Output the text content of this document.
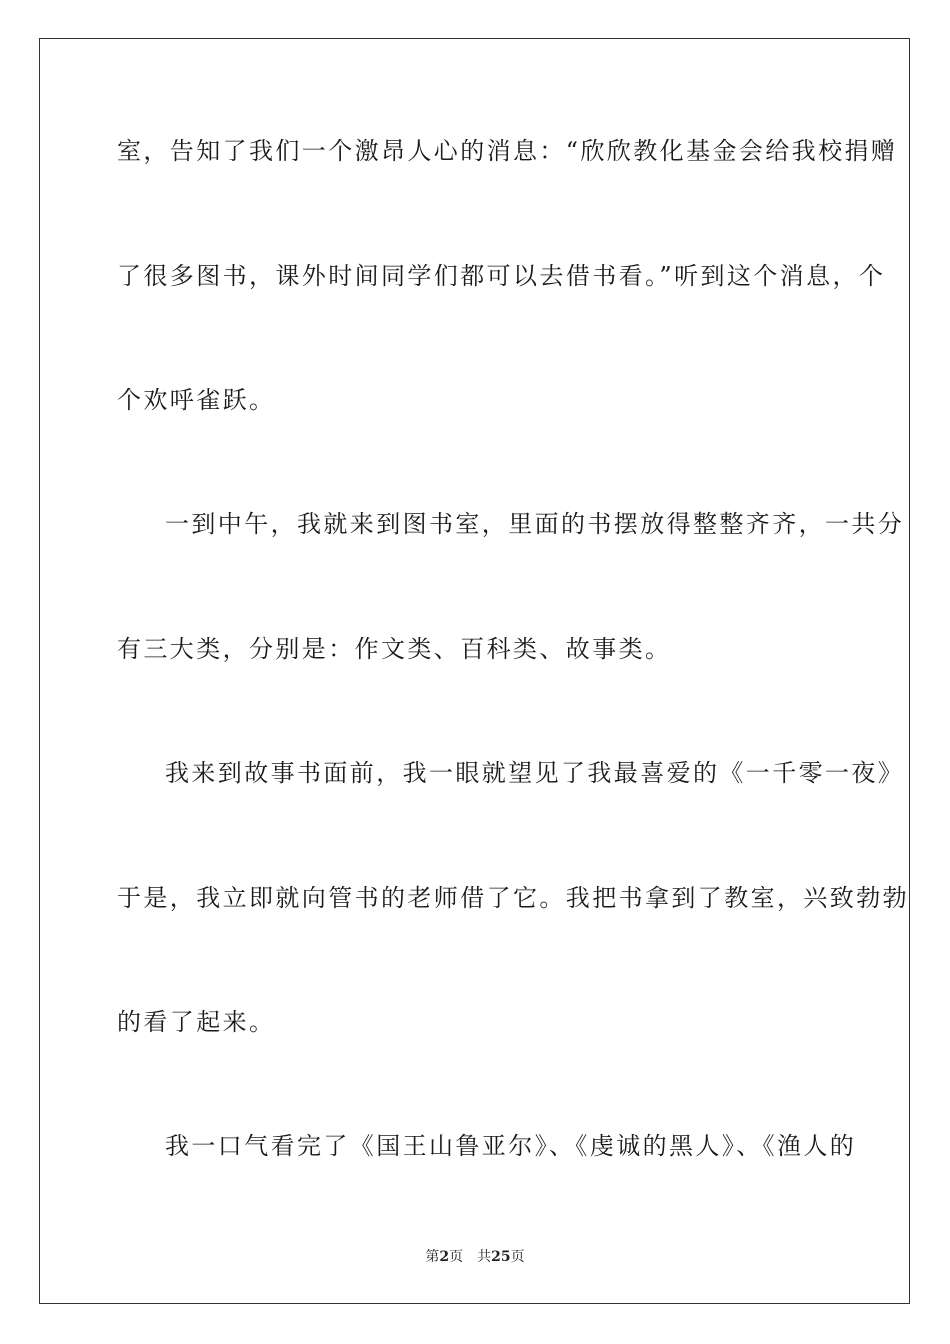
室，告知了我们一个激昂人心的消息：“欣欣教化基金会给我校捐赠
了很多图书，课外时间同学们都可以去借书看。”听到这个消息，个
个欢呼雀跃。
一到中午，我就来到图书室，里面的书摆放得整整齐齐，一共分
有三大类，分别是：作文类、百科类、故事类。
我来到故事书面前，我一眼就望见了我最喜爱的《一千零一夜》
于是，我立即就向管书的老师借了它。我把书拿到了教室，兴致勃勃
的看了起来。
我一口气看完了《国王山鲁亚尔》、《虔诚的黑人》、《渔人的
第2页 共25页
